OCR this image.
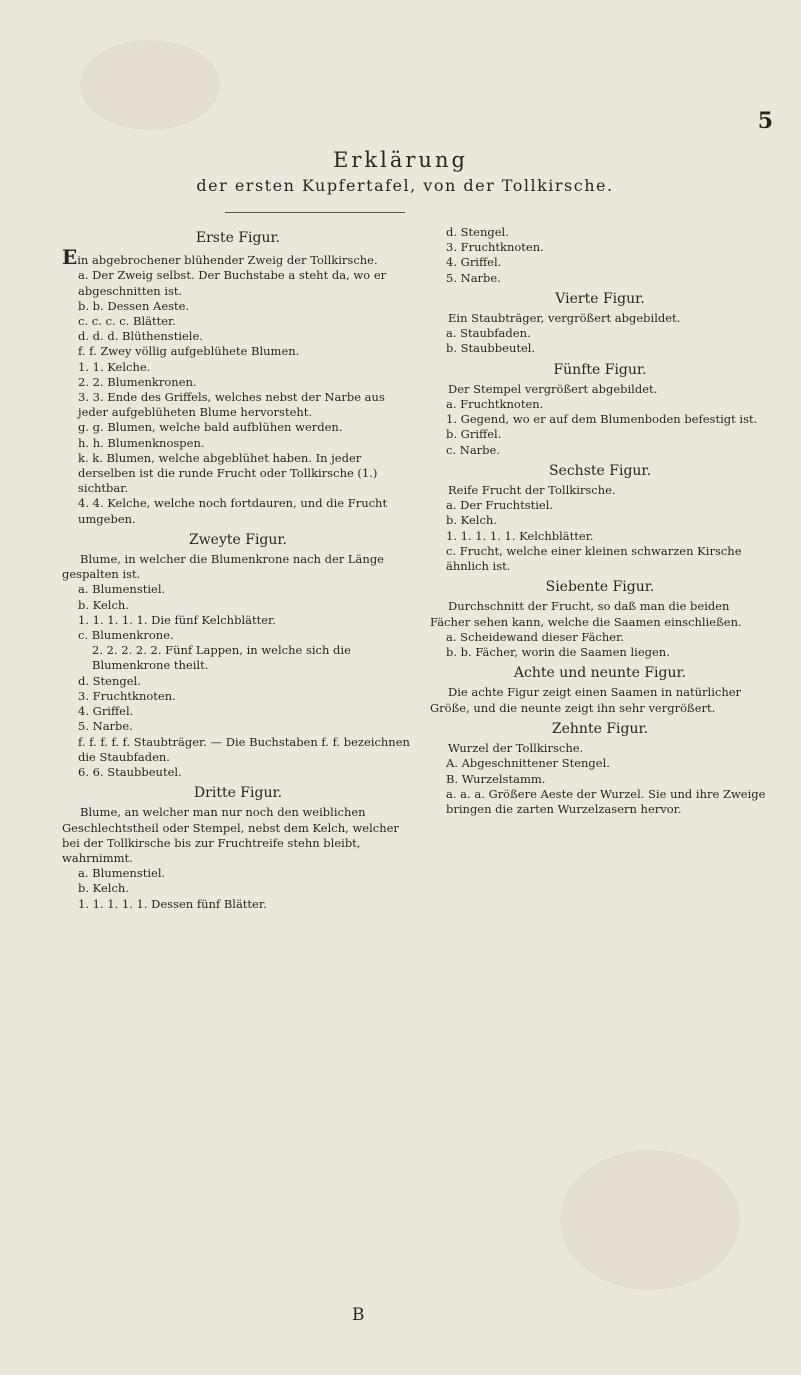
5
Erklärung
der ersten Kupfertafel, von der Tollkirsche.
Erste Figur.
Ein abgebrochener blühender Zweig der Tollkirsche.
a. Der Zweig selbst. Der Buchstabe a steht da, wo er abgeschnitten ist.
b. b. Dessen Aeste.
c. c. c. c. Blätter.
d. d. d. Blüthenstiele.
f. f. Zwey völlig aufgeblühete Blumen.
1. 1. Kelche.
2. 2. Blumenkronen.
3. 3. Ende des Griffels, welches nebst der Narbe aus jeder aufgeblüheten Blume hervorsteht.
g. g. Blumen, welche bald aufblühen werden.
h. h. Blumenknospen.
k. k. Blumen, welche abgeblühet haben. In jeder derselben ist die runde Frucht oder Tollkirsche (1.) sichtbar.
4. 4. Kelche, welche noch fortdauren, und die Frucht umgeben.
Zweyte Figur.
Blume, in welcher die Blumenkrone nach der Länge gespalten ist.
a. Blumenstiel.
b. Kelch.
1. 1. 1. 1. 1. Die fünf Kelchblätter.
c. Blumenkrone.
2. 2. 2. 2. 2. Fünf Lappen, in welche sich die Blumenkrone theilt.
d. Stengel.
3. Fruchtknoten.
4. Griffel.
5. Narbe.
f. f. f. f. f. Staubträger. — Die Buchstaben f. f. bezeichnen die Staubfaden.
6. 6. Staubbeutel.
Dritte Figur.
Blume, an welcher man nur noch den weiblichen Geschlechtstheil oder Stempel, nebst dem Kelch, welcher bei der Tollkirsche bis zur Fruchtreife stehn bleibt, wahrnimmt.
a. Blumenstiel.
b. Kelch.
1. 1. 1. 1. 1. Dessen fünf Blätter.
d. Stengel.
3. Fruchtknoten.
4. Griffel.
5. Narbe.
Vierte Figur.
Ein Staubträger, vergrößert abgebildet.
a. Staubfaden.
b. Staubbeutel.
Fünfte Figur.
Der Stempel vergrößert abgebildet.
a. Fruchtknoten.
1. Gegend, wo er auf dem Blumenboden befestigt ist.
b. Griffel.
c. Narbe.
Sechste Figur.
Reife Frucht der Tollkirsche.
a. Der Fruchtstiel.
b. Kelch.
1. 1. 1. 1. 1. Kelchblätter.
c. Frucht, welche einer kleinen schwarzen Kirsche ähnlich ist.
Siebente Figur.
Durchschnitt der Frucht, so daß man die beiden Fächer sehen kann, welche die Saamen einschließen.
a. Scheidewand dieser Fächer.
b. b. Fächer, worin die Saamen liegen.
Achte und neunte Figur.
Die achte Figur zeigt einen Saamen in natürlicher Größe, und die neunte zeigt ihn sehr vergrößert.
Zehnte Figur.
Wurzel der Tollkirsche.
A. Abgeschnittener Stengel.
B. Wurzelstamm.
a. a. a. Größere Aeste der Wurzel. Sie und ihre Zweige bringen die zarten Wurzelzasern hervor.
B
